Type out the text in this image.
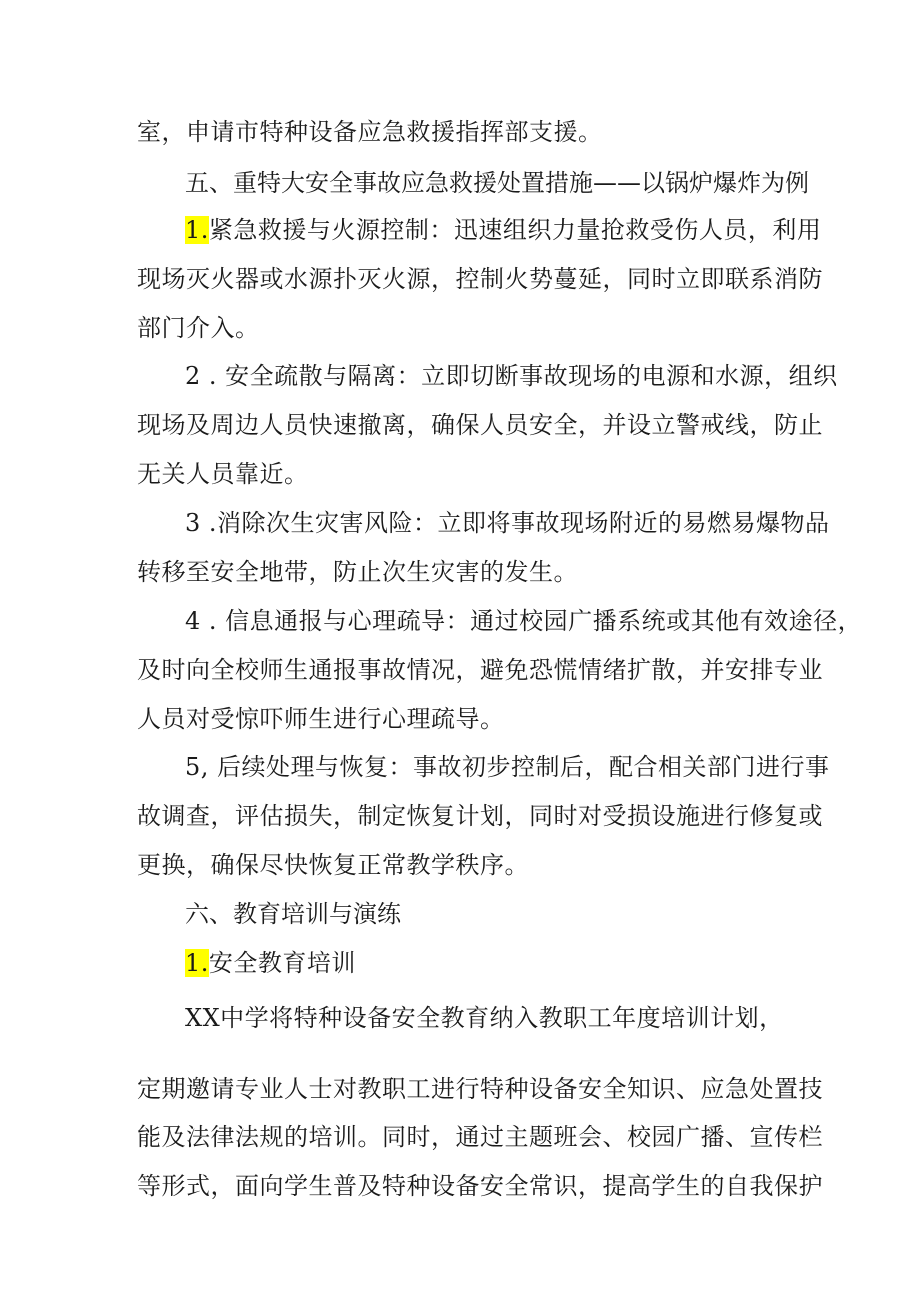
室，申请市特种设备应急救援指挥部支援。
五、重特大安全事故应急救援处置措施——以锅炉爆炸为例
1.紧急救援与火源控制：迅速组织力量抢救受伤人员，利用
现场灭火器或水源扑灭火源，控制火势蔓延，同时立即联系消防
部门介入。
2 . 安全疏散与隔离：立即切断事故现场的电源和水源，组织
现场及周边人员快速撤离，确保人员安全，并设立警戒线，防止
无关人员靠近。
3 .消除次生灾害风险：立即将事故现场附近的易燃易爆物品
转移至安全地带，防止次生灾害的发生。
4 . 信息通报与心理疏导：通过校园广播系统或其他有效途径，
及时向全校师生通报事故情况，避免恐慌情绪扩散，并安排专业
人员对受惊吓师生进行心理疏导。
5, 后续处理与恢复：事故初步控制后，配合相关部门进行事
故调查，评估损失，制定恢复计划，同时对受损设施进行修复或
更换，确保尽快恢复正常教学秩序。
六、教育培训与演练
1.安全教育培训
XX中学将特种设备安全教育纳入教职工年度培训计划，
定期邀请专业人士对教职工进行特种设备安全知识、应急处置技
能及法律法规的培训。同时，通过主题班会、校园广播、宣传栏
等形式，面向学生普及特种设备安全常识，提高学生的自我保护
